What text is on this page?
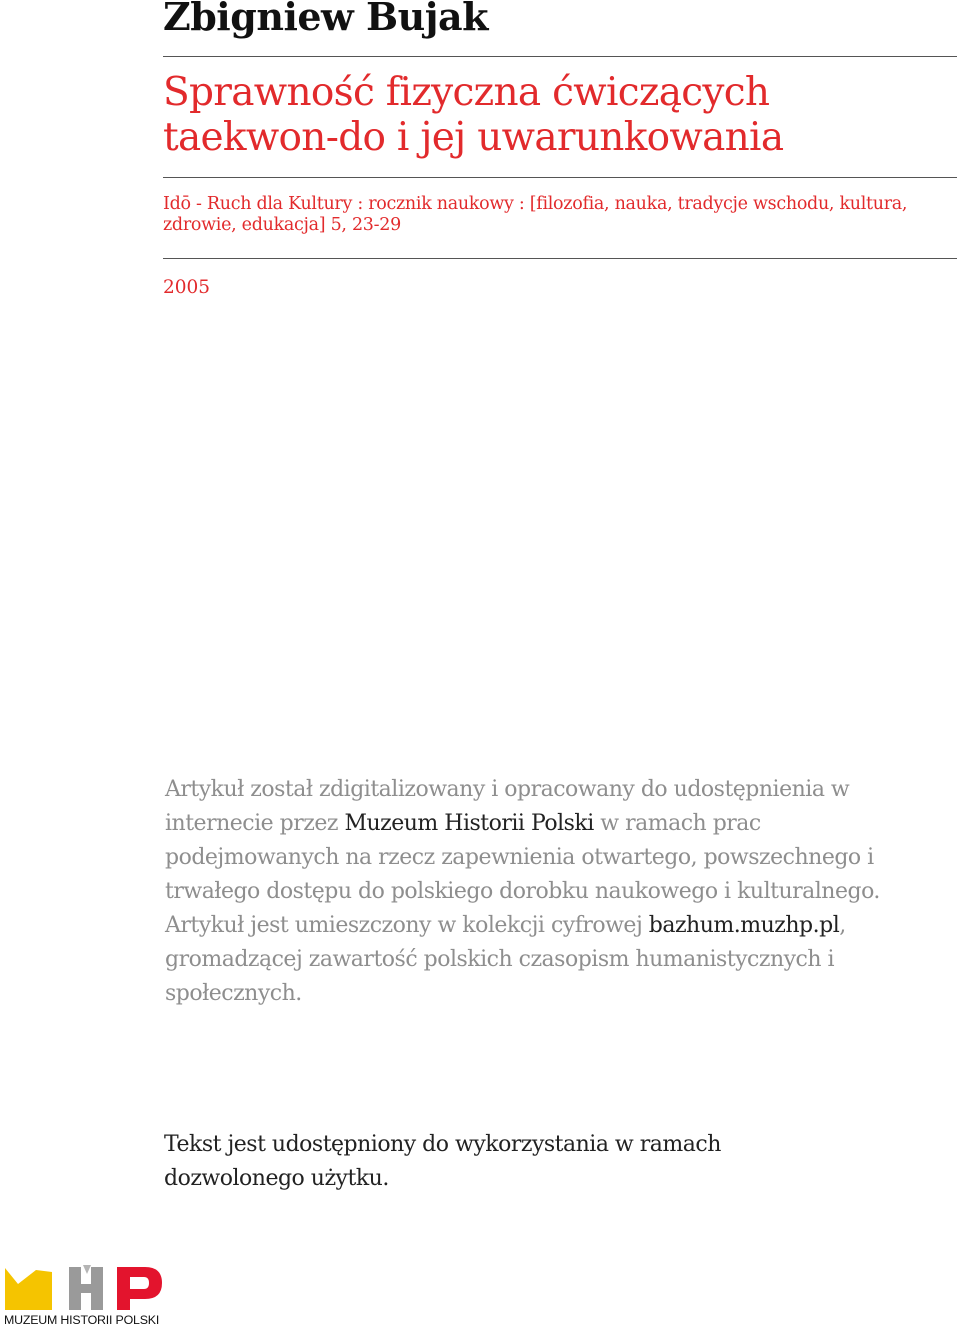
Zbigniew Bujak
Sprawność fizyczna ćwiczących taekwon-do i jej uwarunkowania

Idō - Ruch dla Kultury : rocznik naukowy : [filozofia, nauka, tradycje wschodu, kultura, zdrowie, edukacja] 5, 23-29

2005

Artykuł został zdigitalizowany i opracowany do udostępnienia w internecie przez Muzeum Historii Polski w ramach prac podejmowanych na rzecz zapewnienia otwartego, powszechnego i trwałego dostępu do polskiego dorobku naukowego i kulturalnego. Artykuł jest umieszczony w kolekcji cyfrowej bazhum.muzhp.pl, gromadzącej zawartość polskich czasopism humanistycznych i społecznych.

Tekst jest udostępniony do wykorzystania w ramach dozwolonego użytku.

MUZEUM HISTORII POLSKI
